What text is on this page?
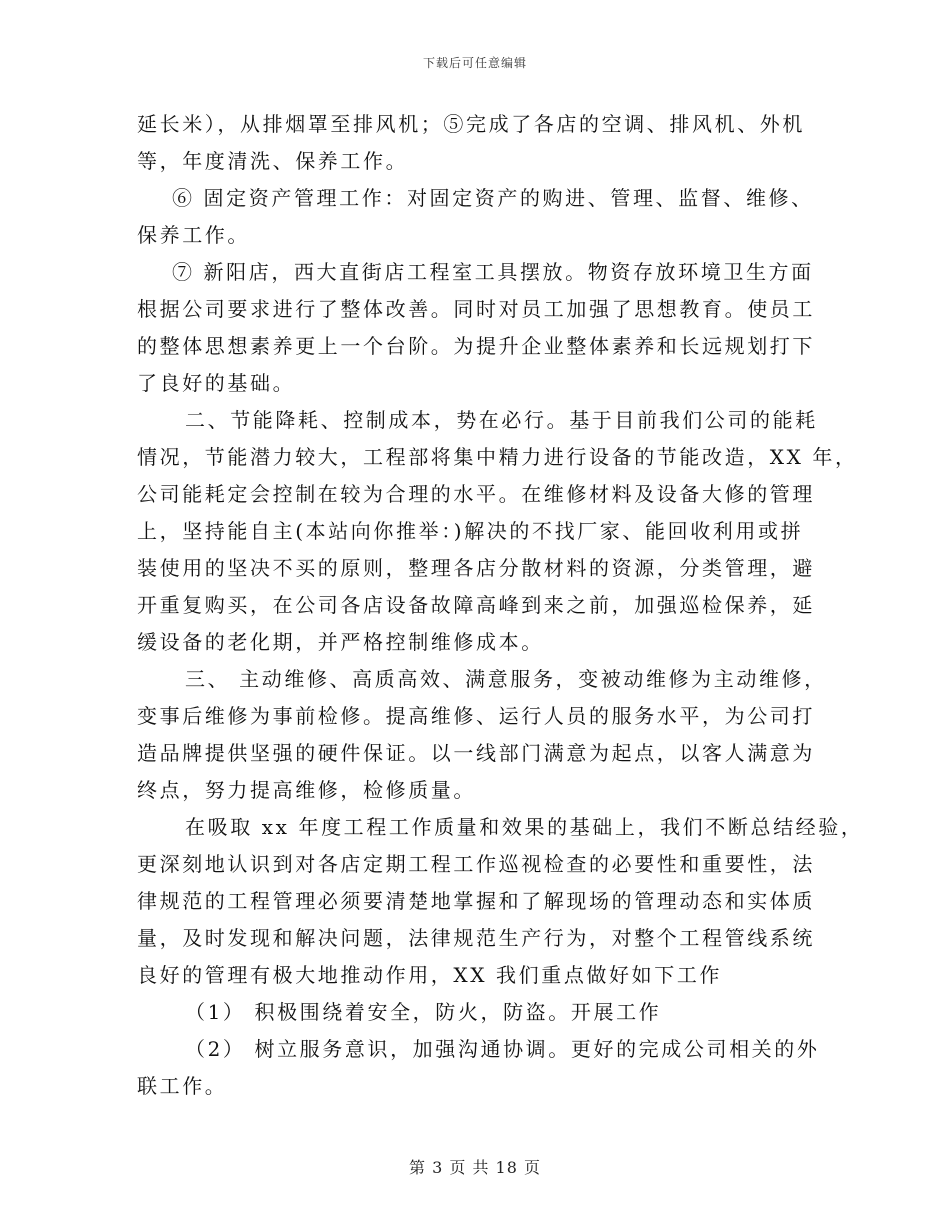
下载后可任意编辑
延长米），从排烟罩至排风机；⑤完成了各店的空调、排风机、外机
等，年度清洗、保养工作。
⑥ 固定资产管理工作：对固定资产的购进、管理、监督、维修、
保养工作。
⑦ 新阳店，西大直街店工程室工具摆放。物资存放环境卫生方面
根据公司要求进行了整体改善。同时对员工加强了思想教育。使员工
的整体思想素养更上一个台阶。为提升企业整体素养和长远规划打下
了良好的基础。
二、节能降耗、控制成本，势在必行。基于目前我们公司的能耗
情况，节能潜力较大，工程部将集中精力进行设备的节能改造，XX 年，
公司能耗定会控制在较为合理的水平。在维修材料及设备大修的管理
上，坚持能自主(本站向你推举：)解决的不找厂家、能回收利用或拼
装使用的坚决不买的原则，整理各店分散材料的资源，分类管理，避
开重复购买，在公司各店设备故障高峰到来之前，加强巡检保养，延
缓设备的老化期，并严格控制维修成本。
三、 主动维修、高质高效、满意服务，变被动维修为主动维修，
变事后维修为事前检修。提高维修、运行人员的服务水平，为公司打
造品牌提供坚强的硬件保证。以一线部门满意为起点，以客人满意为
终点，努力提高维修，检修质量。
在吸取 xx 年度工程工作质量和效果的基础上，我们不断总结经验，
更深刻地认识到对各店定期工程工作巡视检查的必要性和重要性，法
律规范的工程管理必须要清楚地掌握和了解现场的管理动态和实体质
量，及时发现和解决问题，法律规范生产行为，对整个工程管线系统
良好的管理有极大地推动作用，XX 我们重点做好如下工作
（1） 积极围绕着安全，防火，防盗。开展工作
（2） 树立服务意识，加强沟通协调。更好的完成公司相关的外
联工作。
第 3 页 共 18 页
